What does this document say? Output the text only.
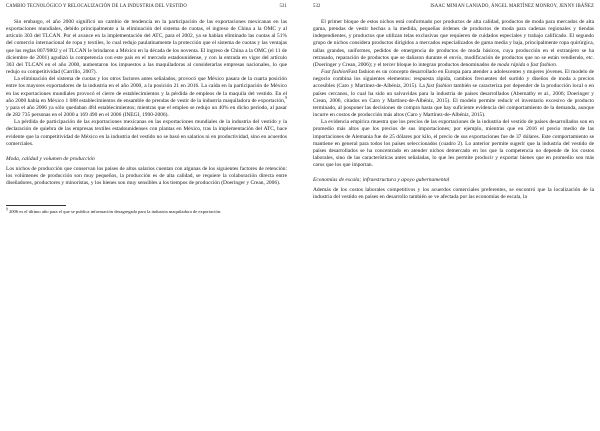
CAMBIO TECNOLÓGICO Y RELOCALIZACIÓN DE LA INDUSTRIA DEL VESTIDO	531

Sin embargo, el año 2000 significó un cambio de tendencia en la participación de las exportaciones mexicanas en las exportaciones mundiales, debido principalmente a la eliminación del sistema de cuotas, el ingreso de China a la OMC y al artículo 303 del TLCAN. Por el avance en la implementación del ATC, para el 2002, ya se habían eliminado las cuotas al 51% del comercio internacional de ropa y textiles, lo cual redujo paulatinamente la protección que el sistema de cuotas y las ventajas que las reglas 807/9802 y el TLCAN le brindaron a México en la década de los noventa. El ingreso de China a la OMC (el 11 de diciembre de 2001) agudizó la competencia con este país en el mercado estadounidense, y con la entrada en vigor del artículo 303 del TLCAN en el año 2000, aumentaron los impuestos a las maquiladoras al considerarlas empresas nacionales, lo que redujo su competitividad (Carrillo, 2007).

La eliminación del sistema de cuotas y los otros factores antes señalados, provocó que México pasara de la cuarta posición entre los mayores exportadores de la industria en el año 2000, a la posición 21 en 2016. La caída en la participación de México en las exportaciones mundiales provocó el cierre de establecimientos y la pérdida de empleos de la maquila del vestido. En el año 2000 había en México 1 088 establecimientos de ensamble de prendas de vestir de la industria maquiladora de exportación,$^9$ y para el año 2006 ya sólo quedaban 484 establecimientos; mientras que el empleo se redujo un 40% en dicho periodo, al pasar de 282 735 personas en el 2000 a 169 490 en el 2006 (INEGI, 1990-2006).

La pérdida de participación de las exportaciones mexicanas en las exportaciones mundiales de la industria del vestido y la declaración de quiebra de las empresas textiles estadounidenses con plantas en México, tras la implementación del ATC, hace evidente que la competitividad de México en la industria del vestido no se basó en salarios ni en productividad, sino en acuerdos comerciales.

Moda, calidad y volumen de producción

Los nichos de producción que conservan los países de altos salarios cuentan con algunas de los siguientes factores de retención: los volúmenes de producción son muy pequeños, la producción es de alta calidad, se requiere la colaboración directa entre diseñadores, productores y minoristas, y los bienes son muy sensibles a los tiempos de producción (Doeringer y Crean, 2006).

$^9$ 2006 es el último año para el que se publica información desagregada para la industria maquiladora de exportación.
532	ISAAC MINIAN LANIADO, ÁNGEL MARTÍNEZ MONROY, JENNY IBÁÑEZ

El primer bloque de estos nichos está conformado por productos de alta calidad, productos de moda para mercados de alta gama, prendas de vestir hechas a la medida, pequeñas órdenes de productos de moda para cadenas regionales y tiendas independientes, y productos que utilizan telas exclusivas que requieren de cuidados especiales y trabajo calificado. El segundo grupo de nichos considera productos dirigidos a mercados especializados de gama media y baja, principalmente ropa quirúrgica, tallas grandes, uniformes, pedidos de emergencia de productos de moda básicos, cuya producción en el extranjero se ha retrasado, reparación de productos que se dañaron durante el envío, modificación de productos que no se están vendiendo, etc. (Doeringer y Crean, 2006); y el tercer bloque lo integran productos denominados de moda rápida o fast fashion.

Fast fashionFast fashion es un concepto desarrollado en Europa para atender a adolescentes y mujeres jóvenes. El modelo de negocio combina los siguientes elementos: respuesta rápida, cambios frecuentes del surtido y diseños de moda a precios accesibles (Caro y Martínez-de-Albéniz, 2015). La fast fashion también se caracteriza por depender de la producción local o en países cercanos, lo cual ha sido un salvavidas para la industria de países desarrollados (Abernathy et al., 2006; Doeringer y Crean, 2006, citados en Caro y Martínez-de-Albéniz, 2015). El modelo permite reducir el inventario excesivo de producto terminado, al posponer las decisiones de compra hasta que hay suficiente evidencia del comportamiento de la demanda, aunque incurre en costos de producción más altos (Caro y Martínez-de-Albéniz, 2015).

La evidencia empírica muestra que los precios de las exportaciones de la industria del vestido de países desarrollados son en promedio más altos que los precios de sus importaciones; por ejemplo, mientras que en 2016 el precio medio de las importaciones de Alemania fue de 25 dólares por kilo, el precio de sus exportaciones fue de 37 dólares. Este comportamiento se mantiene en general para todos los países seleccionados (cuadro 2). Lo anterior permite sugerir que la industria del vestido de países desarrollados se ha concentrado en atender nichos demercado en los que la competencia no depende de los costos laborales, sino de las características antes señaladas, lo que les permite producir y exportar bienes que en promedio son más caros que los que importan.

Economías de escala; infraestructura y apoyo gubernamental

Además de los costos laborales competitivos y los acuerdos comerciales preferentes, se encontró que la localización de la industria del vestido en países en desarrollo también se ve afectada por las economías de escala, la
